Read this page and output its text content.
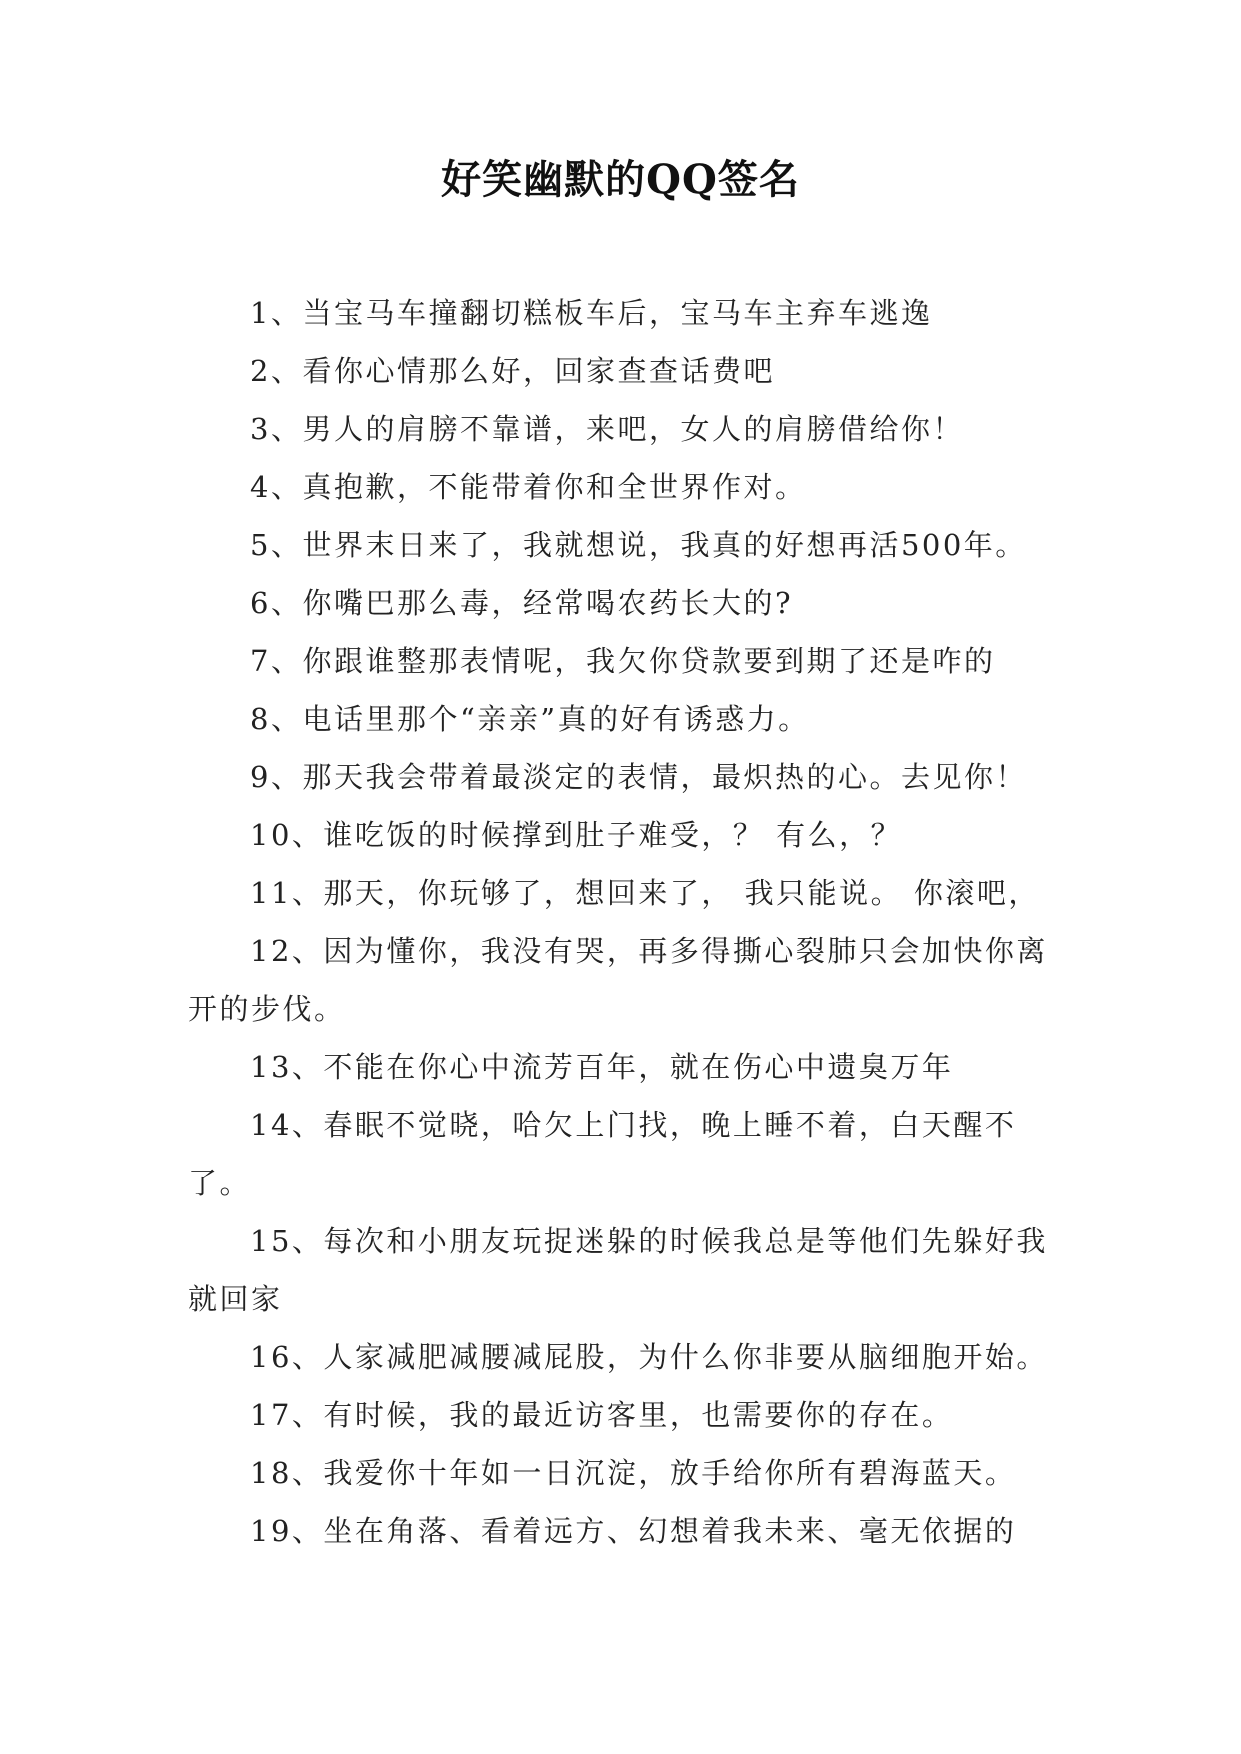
好笑幽默的QQ签名

1、当宝马车撞翻切糕板车后，宝马车主弃车逃逸

2、看你心情那么好，回家查查话费吧

3、男人的肩膀不靠谱，来吧，女人的肩膀借给你！

4、真抱歉，不能带着你和全世界作对。

5、世界末日来了，我就想说，我真的好想再活500年。

6、你嘴巴那么毒，经常喝农药长大的?

7、你跟谁整那表情呢，我欠你贷款要到期了还是咋的

8、电话里那个“亲亲”真的好有诱惑力。

9、那天我会带着最淡定的表情，最炽热的心。去见你！

10、谁吃饭的时候撑到肚子难受，？ 有么，？

11、那天，你玩够了，想回来了， 我只能说。 你滚吧，

12、因为懂你，我没有哭，再多得撕心裂肺只会加快你离开的步伐。

13、不能在你心中流芳百年，就在伤心中遗臭万年

14、春眠不觉晓，哈欠上门找，晚上睡不着，白天醒不了。

15、每次和小朋友玩捉迷躲的时候我总是等他们先躲好我就回家

16、人家减肥减腰减屁股，为什么你非要从脑细胞开始。

17、有时候，我的最近访客里，也需要你的存在。

18、我爱你十年如一日沉淀，放手给你所有碧海蓝天。

19、坐在角落、看着远方、幻想着我未来、毫无依据的
